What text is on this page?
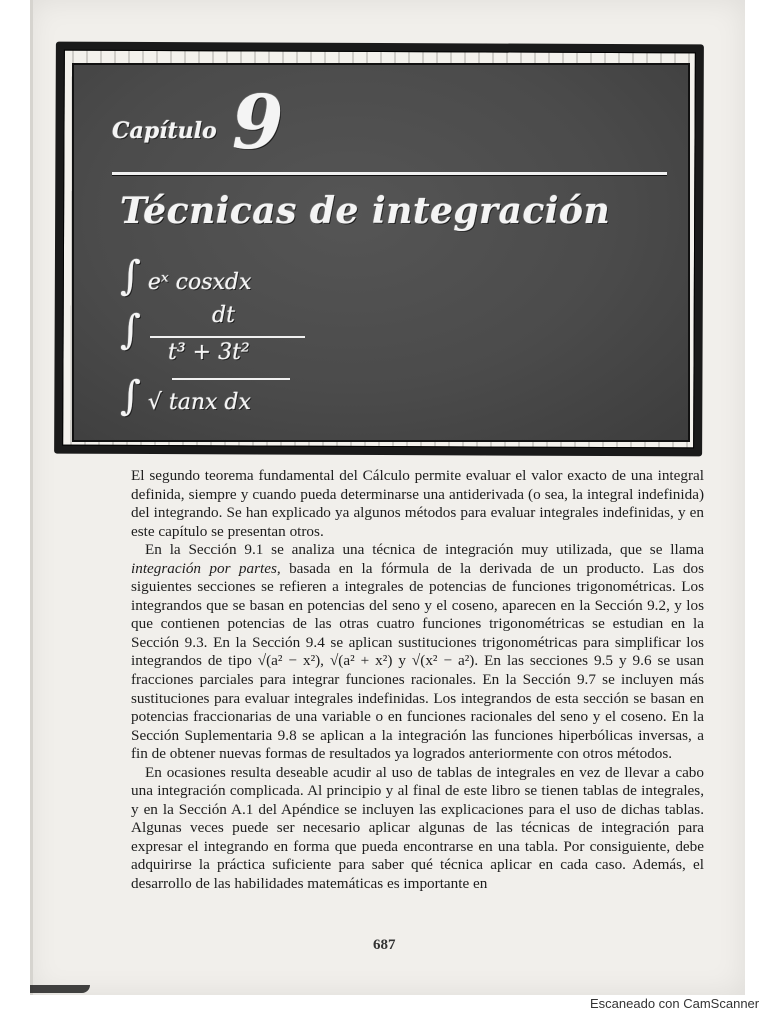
Capítulo 9
Técnicas de integración
∫ eˣ cosxdx
∫	dt
t³ + 3t²
∫ √ tanx dx

El segundo teorema fundamental del Cálculo permite evaluar el valor exacto de una integral definida, siempre y cuando pueda determinarse una antiderivada (o sea, la integral indefinida) del integrando. Se han explicado ya algunos métodos para evaluar integrales indefinidas, y en este capítulo se presentan otros.

En la Sección 9.1 se analiza una técnica de integración muy utilizada, que se llama integración por partes, basada en la fórmula de la derivada de un producto. Las dos siguientes secciones se refieren a integrales de potencias de funciones trigonométricas. Los integrandos que se basan en potencias del seno y el coseno, aparecen en la Sección 9.2, y los que contienen potencias de las otras cuatro funciones trigonométricas se estudian en la Sección 9.3. En la Sección 9.4 se aplican sustituciones trigonométricas para simplificar los integrandos de tipo √(a² − x²), √(a² + x²) y √(x² − a²). En las secciones 9.5 y 9.6 se usan fracciones parciales para integrar funciones racionales. En la Sección 9.7 se incluyen más sustituciones para evaluar integrales indefinidas. Los integrandos de esta sección se basan en potencias fraccionarias de una variable o en funciones racionales del seno y el coseno. En la Sección Suplementaria 9.8 se aplican a la integración las funciones hiperbólicas inversas, a fin de obtener nuevas formas de resultados ya logrados anteriormente con otros métodos.

En ocasiones resulta deseable acudir al uso de tablas de integrales en vez de llevar a cabo una integración complicada. Al principio y al final de este libro se tienen tablas de integrales, y en la Sección A.1 del Apéndice se incluyen las explicaciones para el uso de dichas tablas. Algunas veces puede ser necesario aplicar algunas de las técnicas de integración para expresar el integrando en forma que pueda encontrarse en una tabla. Por consiguiente, debe adquirirse la práctica suficiente para saber qué técnica aplicar en cada caso. Además, el desarrollo de las habilidades matemáticas es importante en

687
Escaneado con CamScanner
